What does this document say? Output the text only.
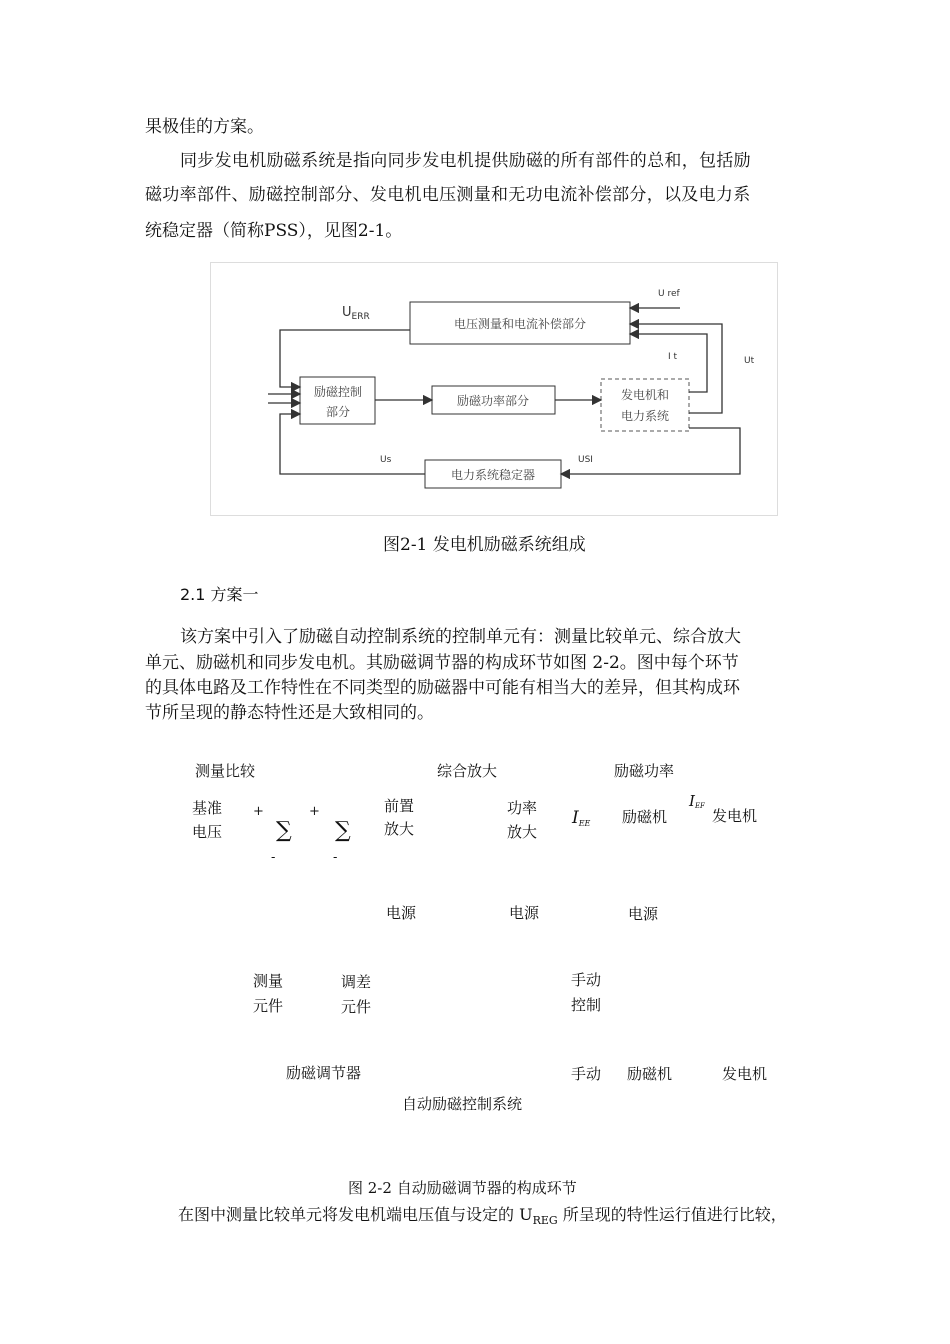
果极佳的方案。
同步发电机励磁系统是指向同步发电机提供励磁的所有部件的总和，包括励
磁功率部件、励磁控制部分、发电机电压测量和无功电流补偿部分，以及电力系
统稳定器（简称PSS），见图2-1。
电压测量和电流补偿部分
励磁控制
部分
励磁功率部分	发电机和
电力系统
电力系统稳定器
$U_{ERR}$
U ref
I t	Ut
Us	USI
图2-1 发电机励磁系统组成
2.1 方案一
该方案中引入了励磁自动控制系统的控制单元有：测量比较单元、综合放大
单元、励磁机和同步发电机。其励磁调节器的构成环节如图 2-2。图中每个环节
的具体电路及工作特性在不同类型的励磁器中可能有相当大的差异，但其构成环
节所呈现的静态特性还是大致相同的。
测量比较	综合放大	励磁功率
基准
电压
+
∑
-
+
∑
-
前置
放大
功率
放大
IEE 励磁机
IEF
发电机
电源	电源	电源
测量
元件
调差
元件
手动
控制
励磁调节器	手动 励磁机	发电机
自动励磁控制系统
图 2-2 自动励磁调节器的构成环节
在图中测量比较单元将发电机端电压值与设定的 $U_{REG}$ 所呈现的特性运行值进行比较，
